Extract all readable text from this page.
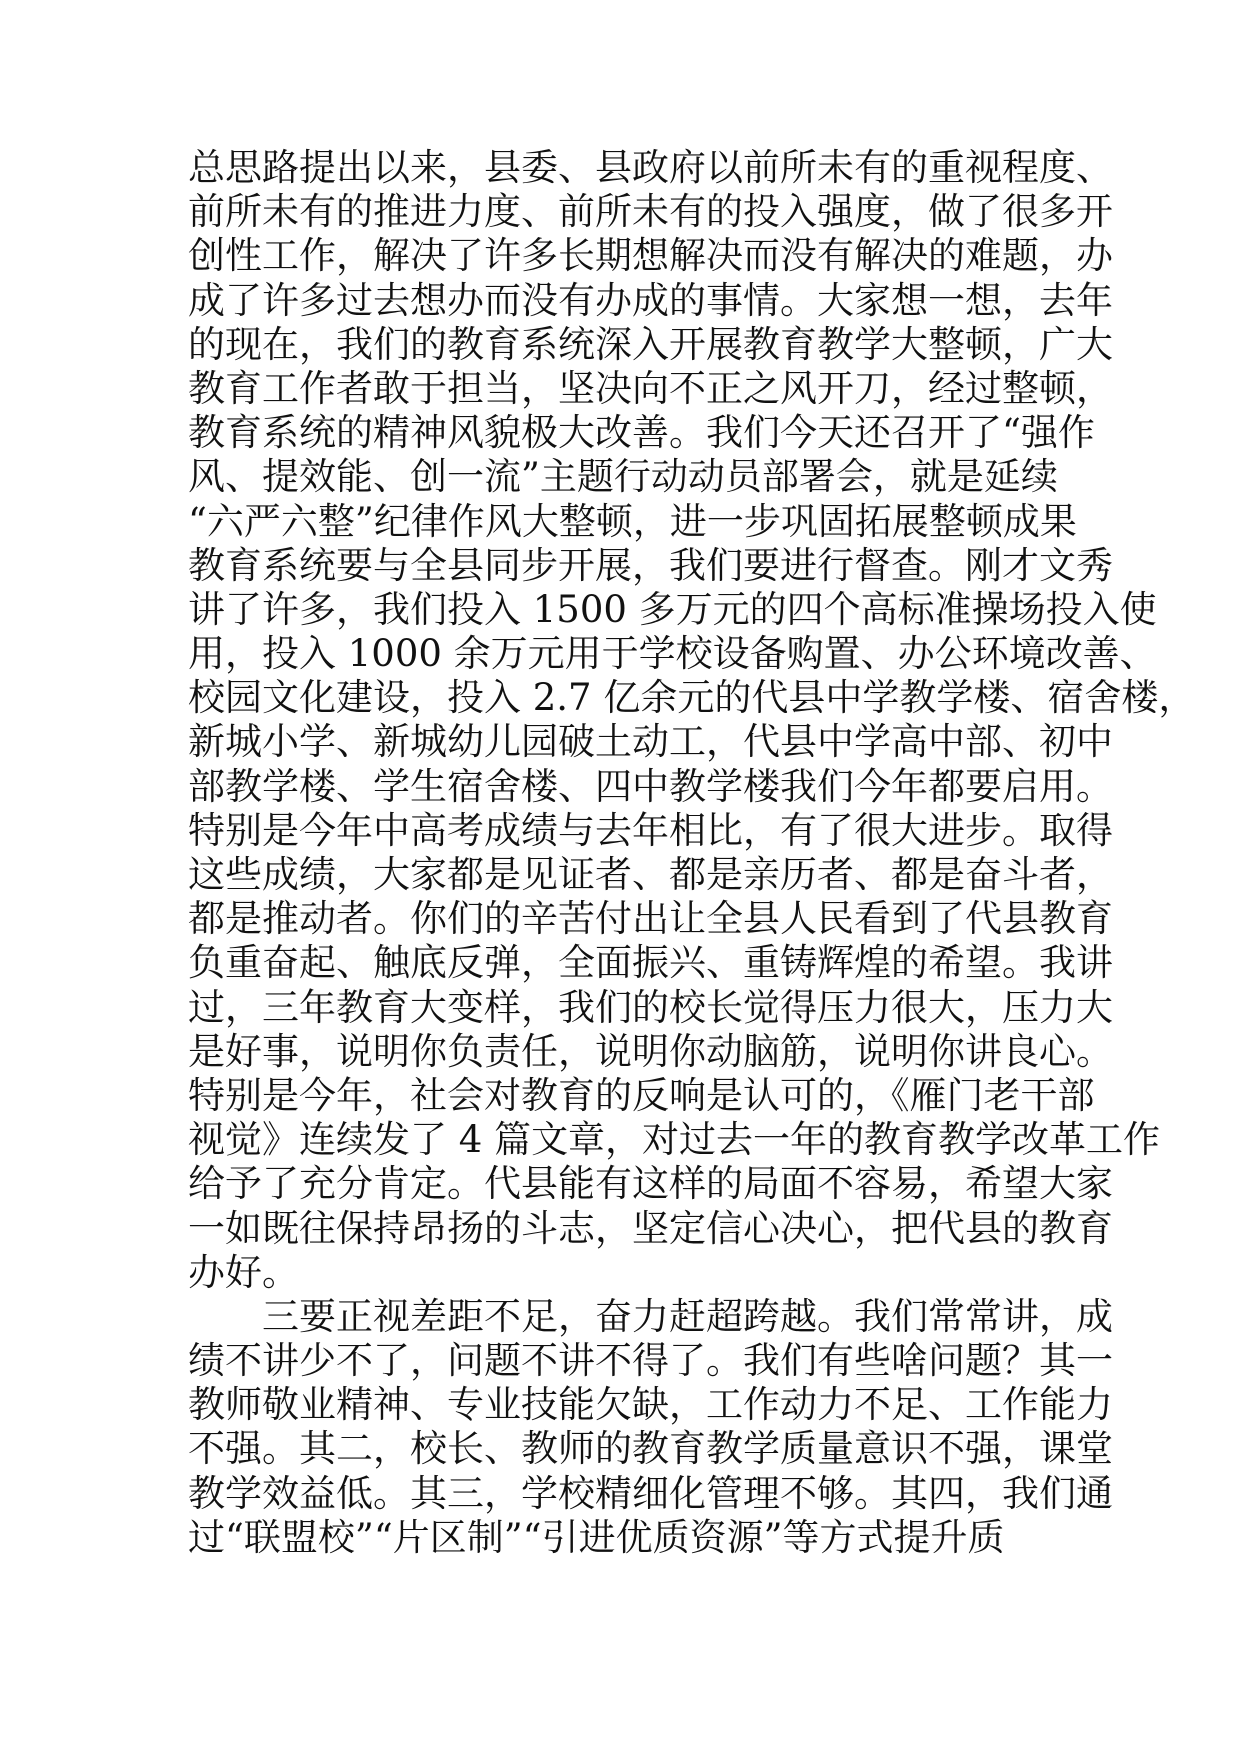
总思路提出以来，县委、县政府以前所未有的重视程度、
前所未有的推进力度、前所未有的投入强度，做了很多开
创性工作，解决了许多长期想解决而没有解决的难题，办
成了许多过去想办而没有办成的事情。大家想一想，去年
的现在，我们的教育系统深入开展教育教学大整顿，广大
教育工作者敢于担当，坚决向不正之风开刀，经过整顿，
教育系统的精神风貌极大改善。我们今天还召开了“强作
风、提效能、创一流”主题行动动员部署会，就是延续
“六严六整”纪律作风大整顿，进一步巩固拓展整顿成果
教育系统要与全县同步开展，我们要进行督查。刚才文秀
讲了许多，我们投入 1500 多万元的四个高标准操场投入使
用，投入 1000 余万元用于学校设备购置、办公环境改善、
校园文化建设，投入 2.7 亿余元的代县中学教学楼、宿舍楼，
新城小学、新城幼儿园破土动工，代县中学高中部、初中
部教学楼、学生宿舍楼、四中教学楼我们今年都要启用。
特别是今年中高考成绩与去年相比，有了很大进步。取得
这些成绩，大家都是见证者、都是亲历者、都是奋斗者，
都是推动者。你们的辛苦付出让全县人民看到了代县教育
负重奋起、触底反弹，全面振兴、重铸辉煌的希望。我讲
过，三年教育大变样，我们的校长觉得压力很大，压力大
是好事，说明你负责任，说明你动脑筋，说明你讲良心。
特别是今年，社会对教育的反响是认可的，《雁门老干部
视觉》连续发了 4 篇文章，对过去一年的教育教学改革工作
给予了充分肯定。代县能有这样的局面不容易，希望大家
一如既往保持昂扬的斗志，坚定信心决心，把代县的教育
办好。
三要正视差距不足，奋力赶超跨越。我们常常讲，成
绩不讲少不了，问题不讲不得了。我们有些啥问题？其一
教师敬业精神、专业技能欠缺，工作动力不足、工作能力
不强。其二，校长、教师的教育教学质量意识不强，课堂
教学效益低。其三，学校精细化管理不够。其四，我们通
过“联盟校”“片区制”“引进优质资源”等方式提升质
